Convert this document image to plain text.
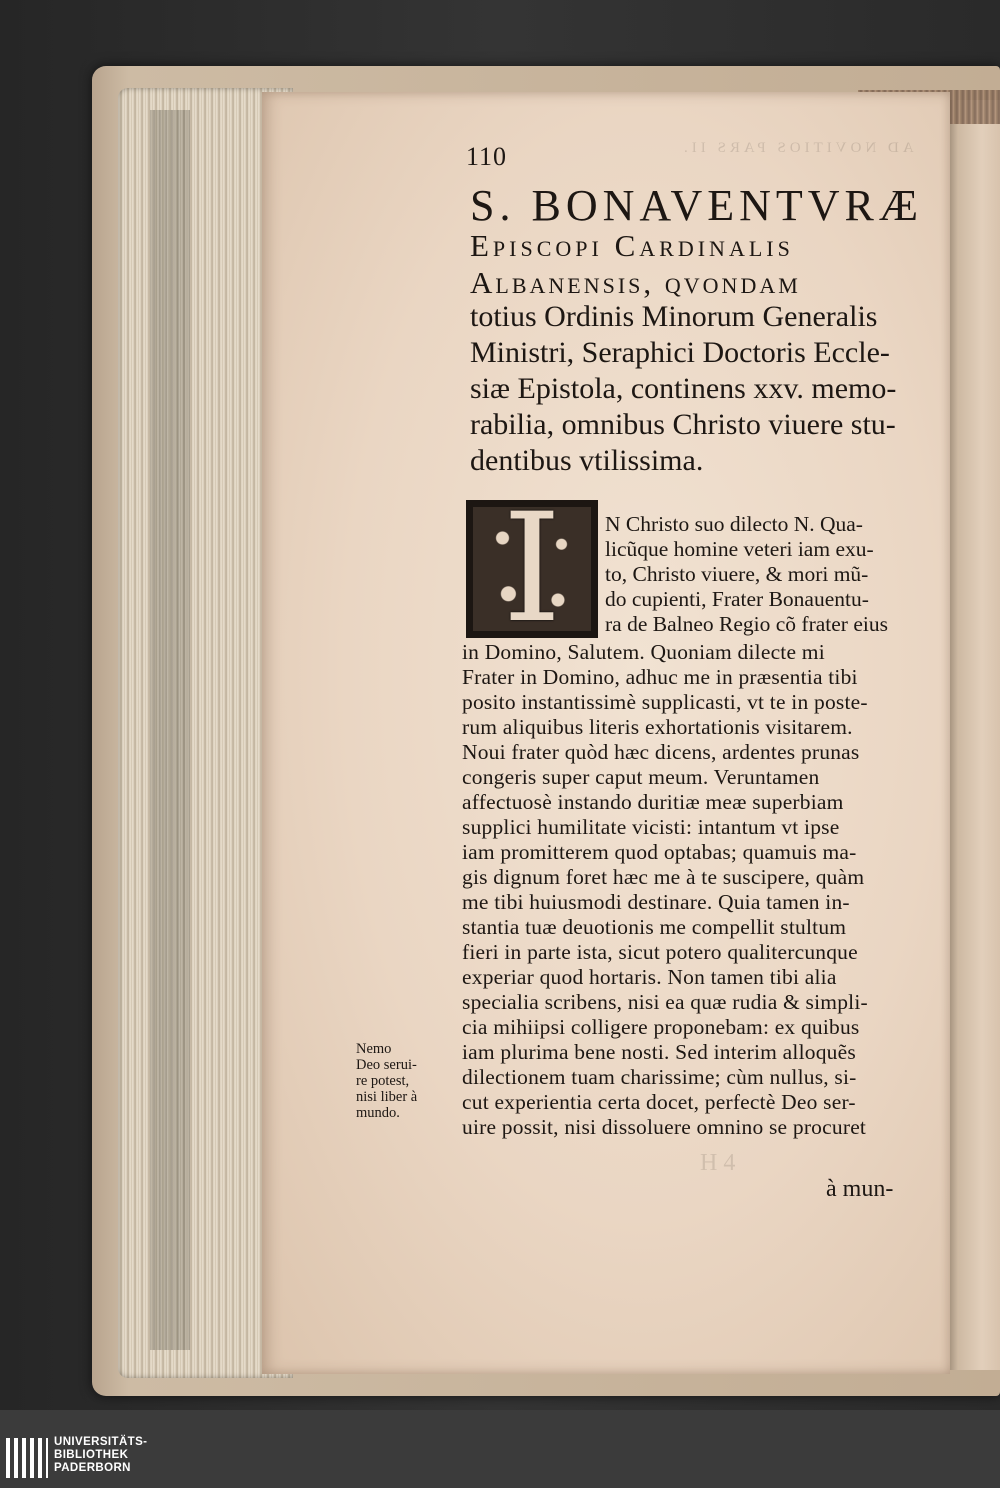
110	AD NOVITIOS PARS II.
S. BONAVENTVRÆ
Episcopi Cardinalis
Albanensis, qvondam
totius Ordinis Minorum Generalis
Ministri, Seraphici Doctoris Eccle-
siæ Epistola, continens xxv. memo-
rabilia, omnibus Christo viuere stu-
dentibus vtilissima.
I	N Christo suo dilecto N. Qua-
licũque homine veteri iam exu-
to, Christo viuere, & mori mũ-
do cupienti, Frater Bonauentu-
ra de Balneo Regio cõ frater eius
in Domino, Salutem. Quoniam dilecte mi
Frater in Domino, adhuc me in præsentia tibi
posito instantissimè supplicasti, vt te in poste-
rum aliquibus literis exhortationis visitarem.
Noui frater quòd hæc dicens, ardentes prunas
congeris super caput meum. Veruntamen
affectuosè instando duritiæ meæ superbiam
supplici humilitate vicisti: intantum vt ipse
iam promitterem quod optabas; quamuis ma-
gis dignum foret hæc me à te suscipere, quàm
me tibi huiusmodi destinare. Quia tamen in-
stantia tuæ deuotionis me compellit stultum
fieri in parte ista, sicut potero qualitercunque
experiar quod hortaris. Non tamen tibi alia
specialia scribens, nisi ea quæ rudia & simpli-
cia mihiipsi colligere proponebam: ex quibus
iam plurima bene nosti. Sed interim alloquẽs
dilectionem tuam charissime; cùm nullus, si-
cut experientia certa docet, perfectè Deo ser-
uire possit, nisi dissoluere omnino se procuret
Nemo
Deo serui-
re potest,
nisi liber à
mundo.
à mun-
H 4
UNIVERSITÄTS-
BIBLIOTHEK
PADERBORN
